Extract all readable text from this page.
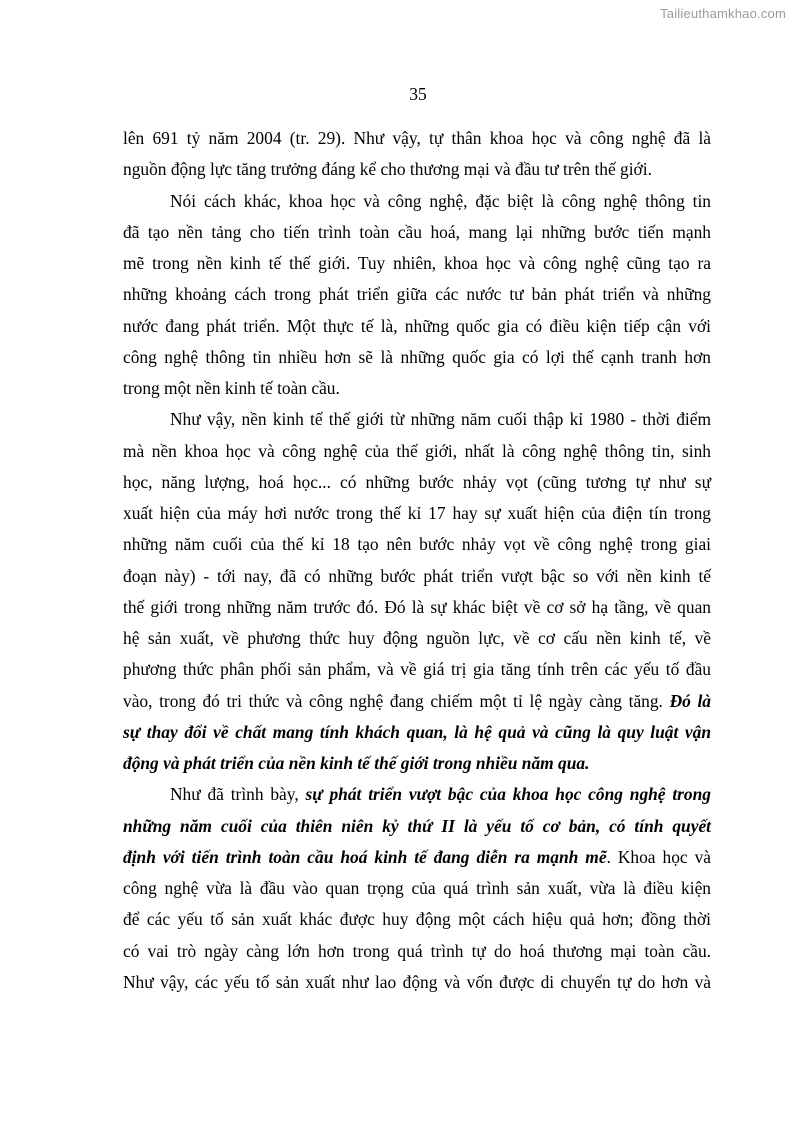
Tailieuthamkhao.com
35
lên 691 tỷ năm 2004 (tr. 29). Như vậy, tự thân khoa học và công nghệ đã là
nguồn động lực tăng trưởng đáng kể cho thương mại và đầu tư trên thế giới.
Nói cách khác, khoa học và công nghệ, đặc biệt là công nghệ thông tin
đã tạo nền tảng cho tiến trình toàn cầu hoá, mang lại những bước tiến mạnh
mẽ trong nền kinh tế thế giới. Tuy nhiên, khoa học và công nghệ cũng tạo ra
những khoảng cách trong phát triển giữa các nước tư bản phát triển và những
nước đang phát triển. Một thực tế là, những quốc gia có điều kiện tiếp cận với
công nghệ thông tin nhiều hơn sẽ là những quốc gia có lợi thế cạnh tranh hơn
trong một nền kinh tế toàn cầu.
Như vậy, nền kinh tế thế giới từ những năm cuối thập kỉ 1980 - thời điểm
mà nền khoa học và công nghệ của thế giới, nhất là công nghệ thông tin, sinh
học, năng lượng, hoá học... có những bước nhảy vọt (cũng tương tự như sự
xuất hiện của máy hơi nước trong thế kỉ 17 hay sự xuất hiện của điện tín trong
những năm cuối của thế kỉ 18 tạo nên bước nhảy vọt về công nghệ trong giai
đoạn này) - tới nay, đã có những bước phát triển vượt bậc so với nền kinh tế
thế giới trong những năm trước đó. Đó là sự khác biệt về cơ sở hạ tầng, về quan
hệ sản xuất, về phương thức huy động nguồn lực, về cơ cấu nền kinh tế, về
phương thức phân phối sản phẩm, và về giá trị gia tăng tính trên các yếu tố đầu
vào, trong đó tri thức và công nghệ đang chiếm một tỉ lệ ngày càng tăng. Đó là
sự thay đổi về chất mang tính khách quan, là hệ quả và cũng là quy luật vận
động và phát triển của nền kinh tế thế giới trong nhiều năm qua.
Như đã trình bày, sự phát triển vượt bậc của khoa học công nghệ trong
những năm cuối của thiên niên kỷ thứ II là yếu tố cơ bản, có tính quyết
định với tiến trình toàn cầu hoá kinh tế đang diễn ra mạnh mẽ. Khoa học và
công nghệ vừa là đầu vào quan trọng của quá trình sản xuất, vừa là điều kiện
để các yếu tố sản xuất khác được huy động một cách hiệu quả hơn; đồng thời
có vai trò ngày càng lớn hơn trong quá trình tự do hoá thương mại toàn cầu.
Như vậy, các yếu tố sản xuất như lao động và vốn được di chuyển tự do hơn và
